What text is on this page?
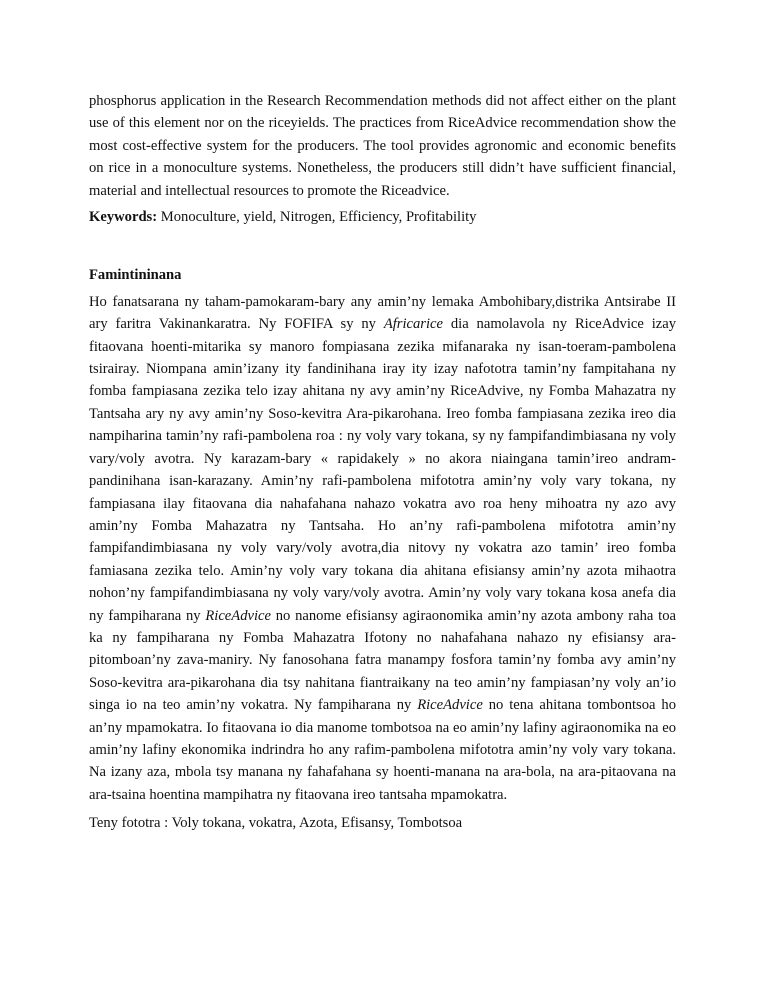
phosphorus application in the Research Recommendation methods did not affect either on the plant use of this element nor on the riceyields. The practices from RiceAdvice recommendation show the most cost-effective system for the producers. The tool provides agronomic and economic benefits on rice in a monoculture systems. Nonetheless, the producers still didn’t have sufficient financial, material and intellectual resources to promote the Riceadvice.

Keywords: Monoculture, yield, Nitrogen, Efficiency, Profitability

Famintininana

Ho fanatsarana ny taham-pamokaram-bary any amin’ny lemaka Ambohibary,distrika Antsirabe II ary faritra Vakinankaratra. Ny FOFIFA sy ny Africarice dia namolavola ny RiceAdvice izay fitaovana hoenti-mitarika sy manoro fompiasana zezika mifanaraka ny isan-toeram-pambolena tsirairay. Niompana amin’izany ity fandinihana iray ity izay nafototra tamin’ny fampitahana ny fomba fampiasana zezika telo izay ahitana ny avy amin’ny RiceAdvive, ny Fomba Mahazatra ny Tantsaha ary ny avy amin’ny Soso-kevitra Ara-pikarohana. Ireo fomba fampiasana zezika ireo dia nampiharina tamin’ny rafi-pambolena roa : ny voly vary tokana, sy ny fampifandimbiasana ny voly vary/voly avotra. Ny karazam-bary « rapidakely » no akora niaingana tamin’ireo andram-pandinihana isan-karazany. Amin’ny rafi-pambolena mifototra amin’ny voly vary tokana, ny fampiasana ilay fitaovana dia nahafahana nahazo vokatra avo roa heny mihoatra ny azo avy amin’ny Fomba Mahazatra ny Tantsaha. Ho an’ny rafi-pambolena mifototra amin’ny fampifandimbiasana ny voly vary/voly avotra,dia nitovy ny vokatra azo tamin’ ireo fomba famiasana zezika telo. Amin’ny voly vary tokana dia ahitana efisiansy amin’ny azota mihaotra nohon’ny fampifandimbiasana ny voly vary/voly avotra. Amin’ny voly vary tokana kosa anefa dia ny fampiharana ny RiceAdvice no nanome efisiansy agiraonomika amin’ny azota ambony raha toa ka ny fampiharana ny Fomba Mahazatra Ifotony no nahafahana nahazo ny efisiansy ara-pitomboan’ny zava-maniry. Ny fanosohana fatra manampy fosfora tamin’ny fomba avy amin’ny Soso-kevitra ara-pikarohana dia tsy nahitana fiantraikany na teo amin’ny fampiasan’ny voly an’io singa io na teo amin’ny vokatra. Ny fampiharana ny RiceAdvice no tena ahitana tombontsoa ho an’ny mpamokatra. Io fitaovana io dia manome tombotsoa na eo amin’ny lafiny agiraonomika na eo amin’ny lafiny ekonomika indrindra ho any rafim-pambolena mifototra amin’ny voly vary tokana. Na izany aza, mbola tsy manana ny fahafahana sy hoenti-manana na ara-bola, na ara-pitaovana na ara-tsaina hoentina mampihatra ny fitaovana ireo tantsaha mpamokatra.

Teny fototra : Voly tokana, vokatra, Azota, Efisansy, Tombotsoa
